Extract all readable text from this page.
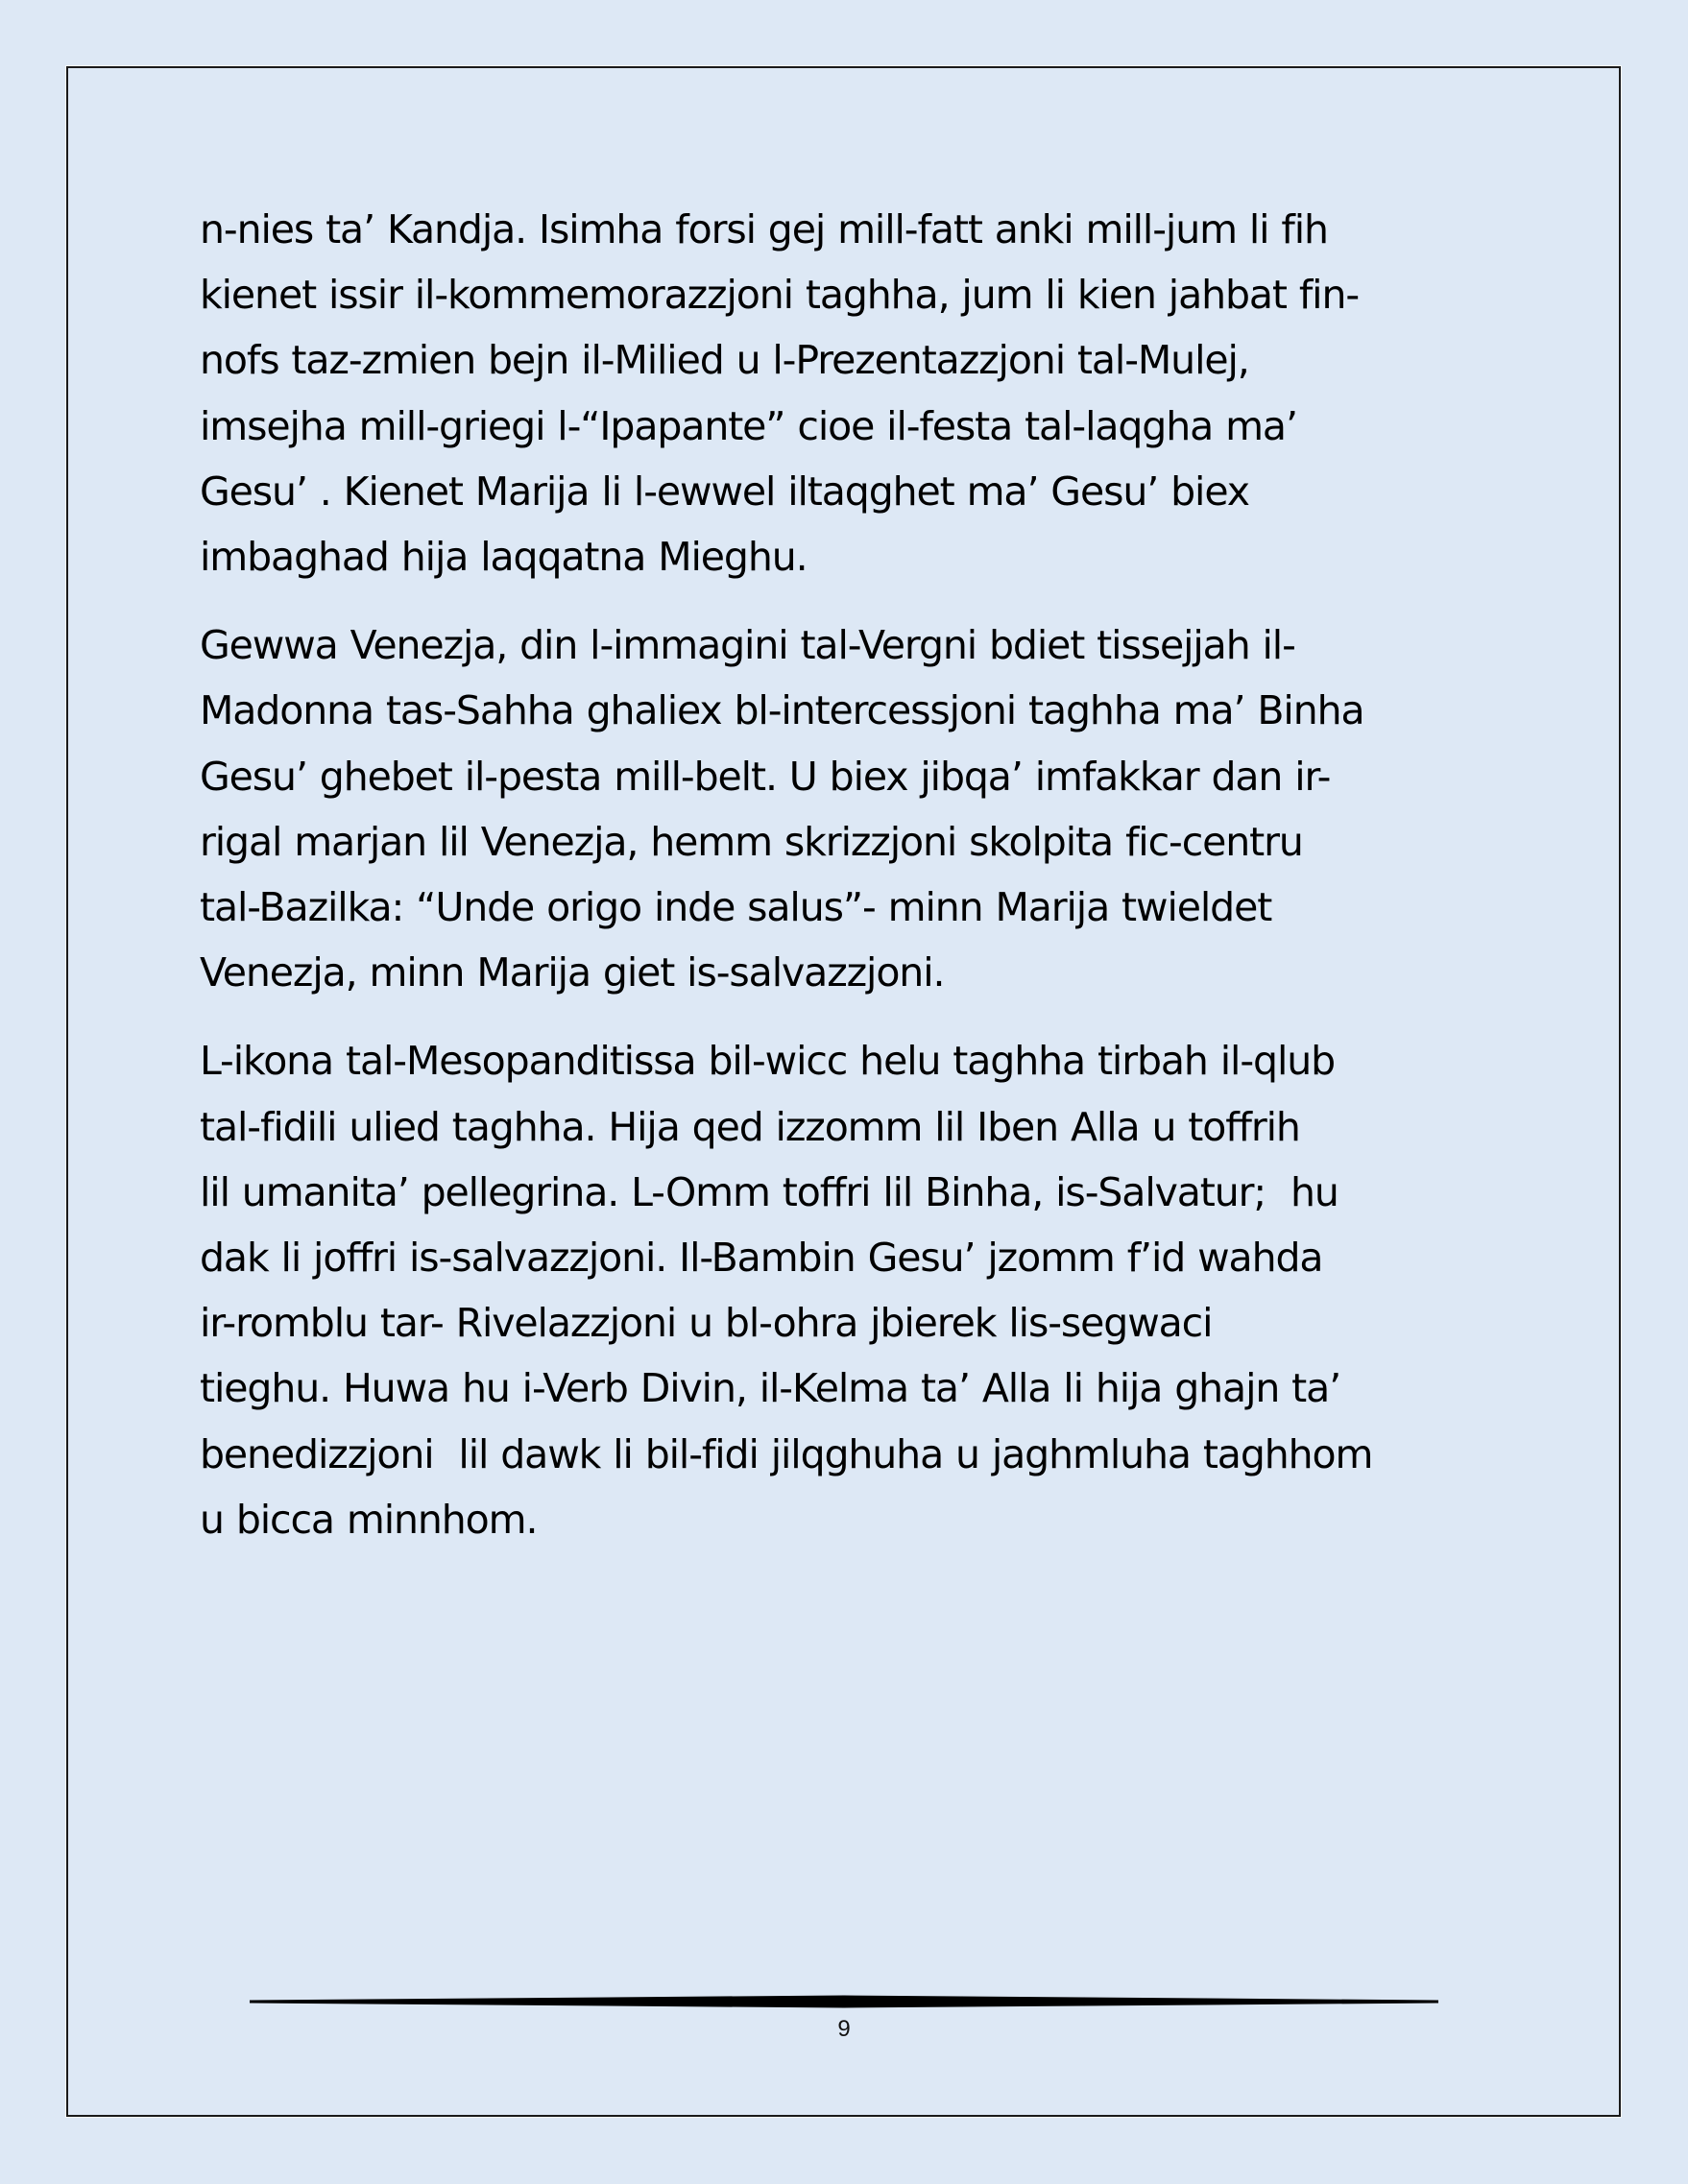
n-nies ta’ Kandja. Isimha forsi gej mill-fatt anki mill-jum li fih
kienet issir il-kommemorazzjoni taghha, jum li kien jahbat fin-
nofs taz-zmien bejn il-Milied u l-Prezentazzjoni tal-Mulej,
imsejha mill-griegi l-“Ipapante” cioe il-festa tal-laqgha ma’
Gesu’ . Kienet Marija li l-ewwel iltaqghet ma’ Gesu’ biex
imbaghad hija laqqatna Mieghu.

Gewwa Venezja, din l-immagini tal-Vergni bdiet tissejjah il-
Madonna tas-Sahha ghaliex bl-intercessjoni taghha ma’ Binha
Gesu’ ghebet il-pesta mill-belt. U biex jibqa’ imfakkar dan ir-
rigal marjan lil Venezja, hemm skrizzjoni skolpita fic-centru
tal-Bazilka: “Unde origo inde salus”- minn Marija twieldet
Venezja, minn Marija giet is-salvazzjoni.

L-ikona tal-Mesopanditissa bil-wicc helu taghha tirbah il-qlub
tal-fidili ulied taghha. Hija qed izzomm lil Iben Alla u toffrih
lil umanita’ pellegrina. L-Omm toffri lil Binha, is-Salvatur;  hu
dak li joffri is-salvazzjoni. Il-Bambin Gesu’ jzomm f’id wahda
ir-romblu tar- Rivelazzjoni u bl-ohra jbierek lis-segwaci
tieghu. Huwa hu i-Verb Divin, il-Kelma ta’ Alla li hija ghajn ta’
benedizzjoni  lil dawk li bil-fidi jilqghuha u jaghmluha taghhom
u bicca minnhom.

9
